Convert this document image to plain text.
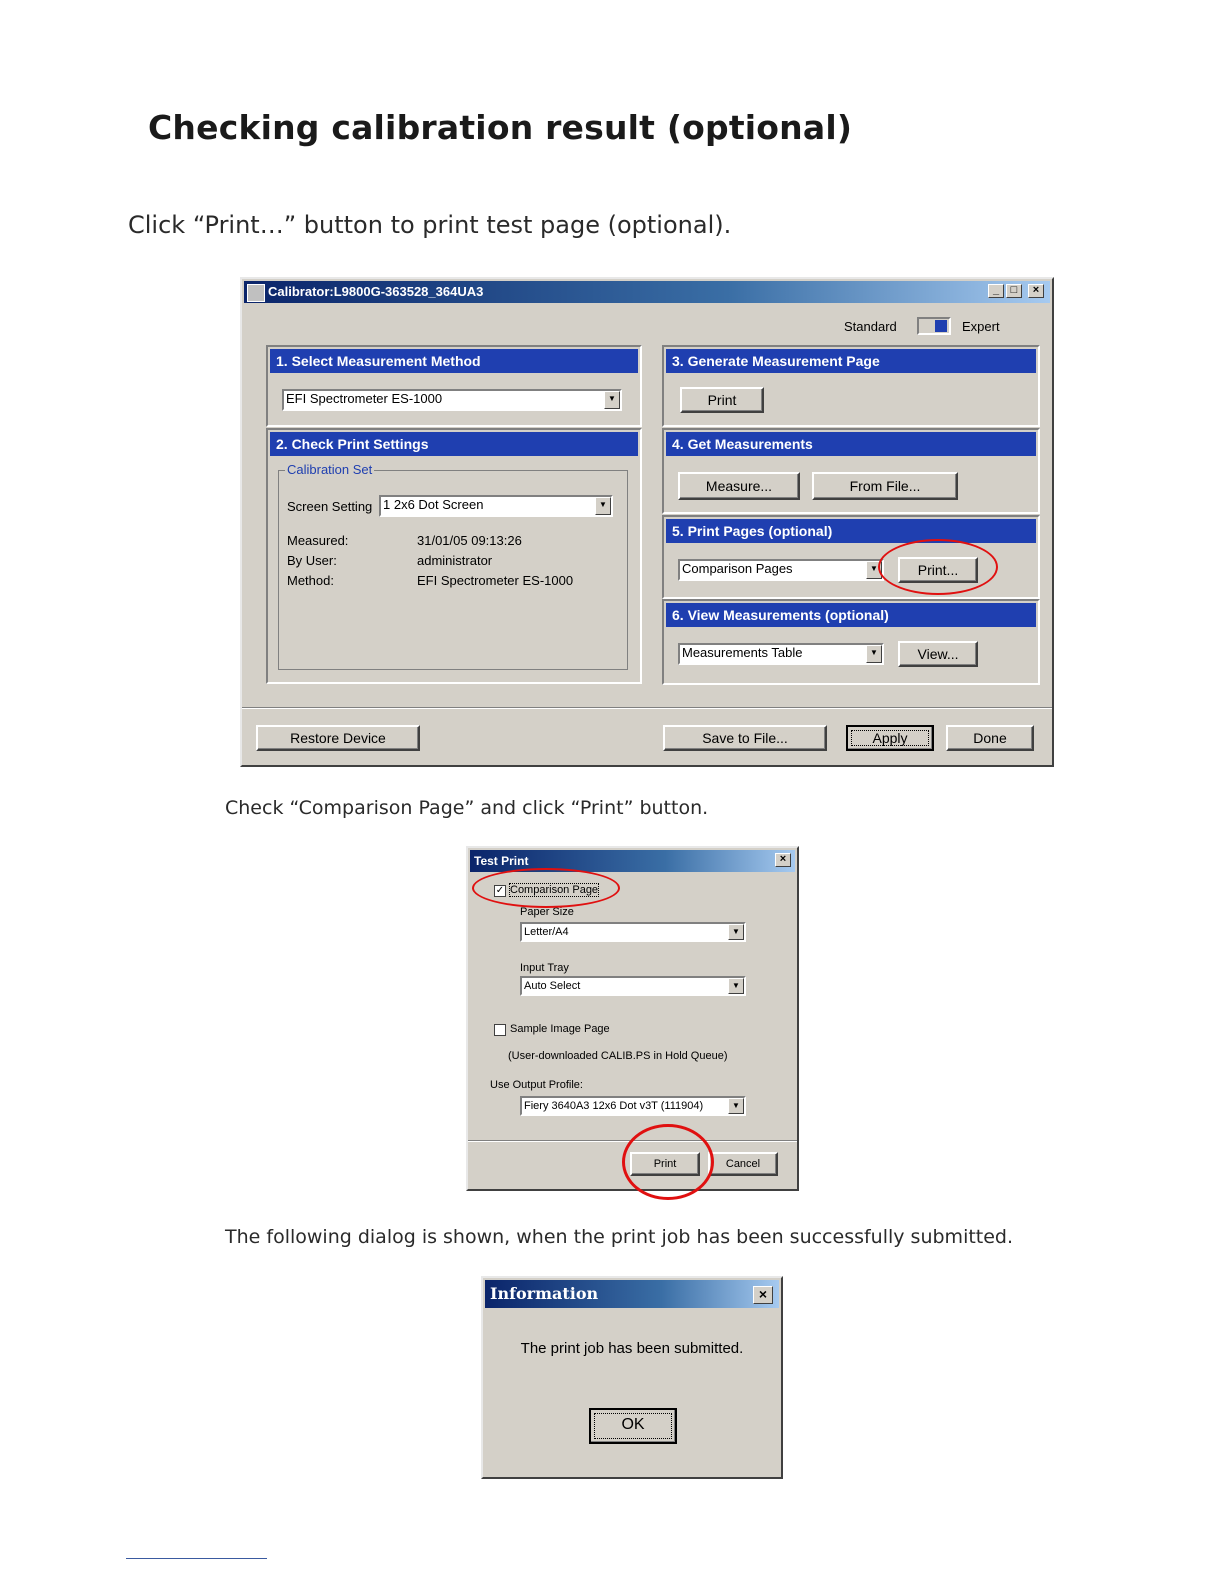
Checking calibration result (optional)
Click “Print…” button to print test page (optional).
Calibrator:L9800G-363528_364UA3	_	□	×
Standard	Expert
1. Select Measurement Method
EFI Spectrometer ES-1000	▼
2. Check Print Settings
Calibration Set
Screen Setting 1 2x6 Dot Screen	▼
Measured:	31/01/05 09:13:26
By User:	administrator
Method:	EFI Spectrometer ES-1000
3. Generate Measurement Page
Print
4. Get Measurements
Measure...	From File...
5. Print Pages (optional)
Comparison Pages	▼	Print...
6. View Measurements (optional)
Measurements Table	▼	View...
Restore Device	Save to File...	Apply	Done
Check “Comparison Page” and click “Print” button.
Test Print	×
✓ Comparison Page
Paper Size
Letter/A4	▼
Input Tray
Auto Select	▼
Sample Image Page
(User-downloaded CALIB.PS in Hold Queue)
Use Output Profile:
Fiery 3640A3 12x6 Dot v3T (111904)	▼
Print	Cancel
The following dialog is shown, when the print job has been successfully submitted.
Information	×
The print job has been submitted.
OK
